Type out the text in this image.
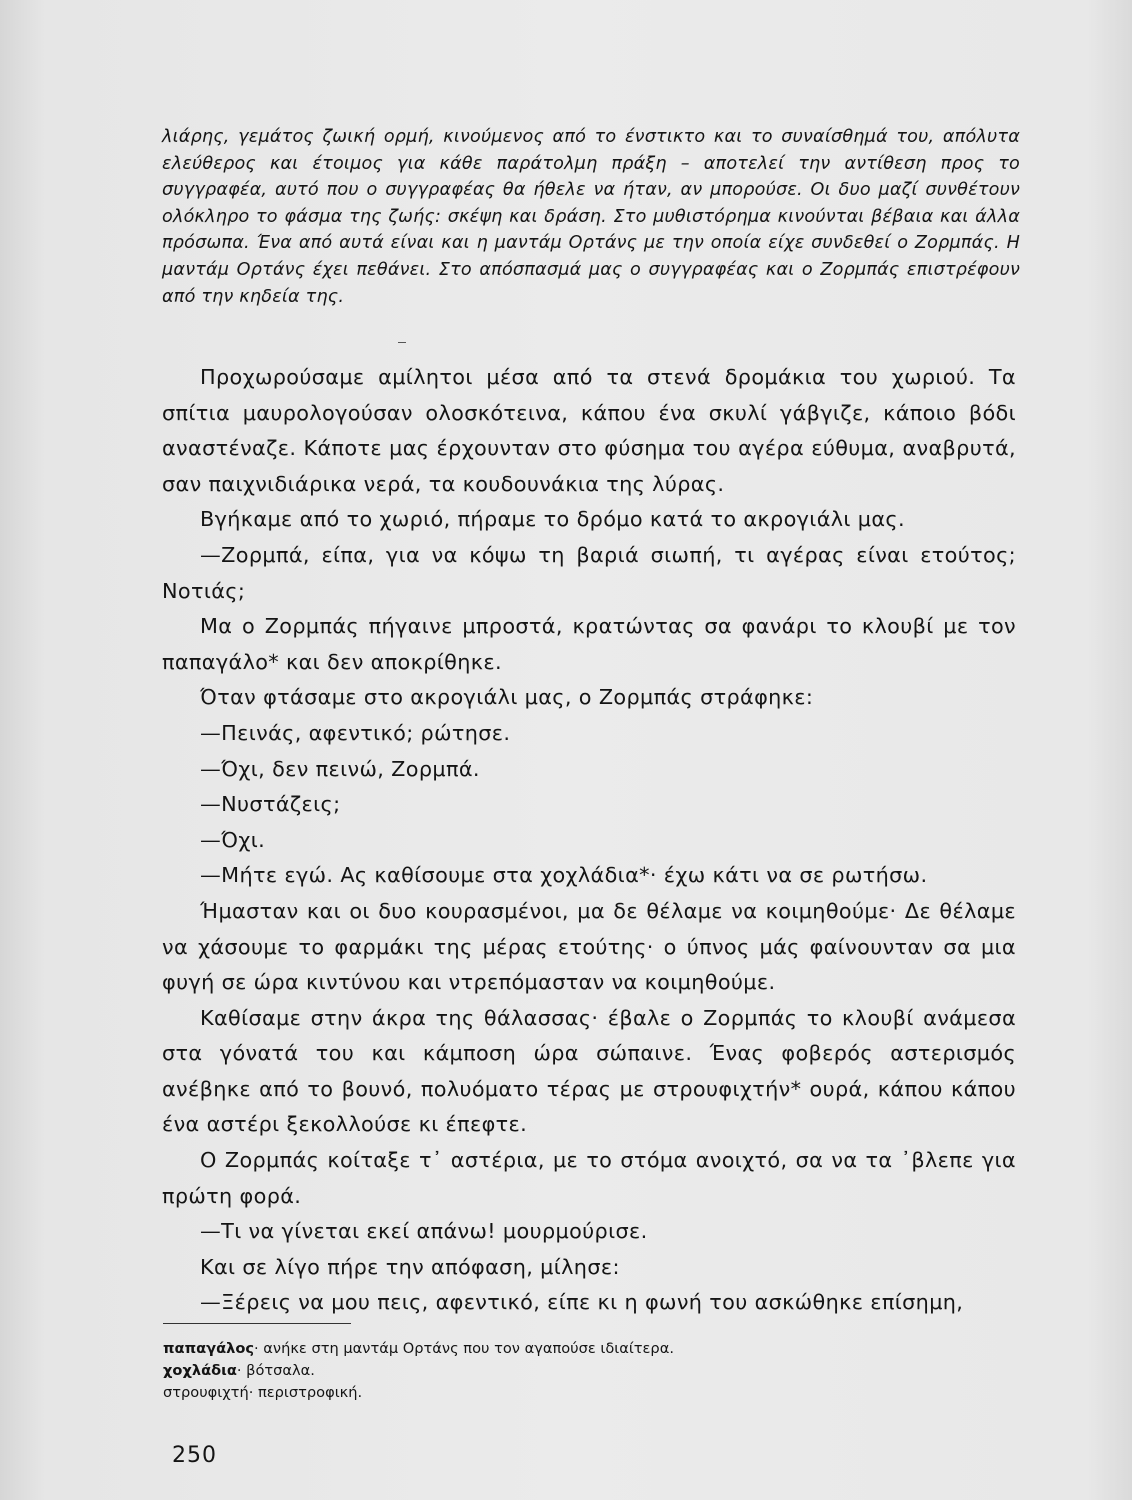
λιάρης, γεμάτος ζωική ορμή, κινούμενος από το ένστικτο και το συναίσθημά του, απόλυτα ελεύθερος και έτοιμος για κάθε παράτολμη πράξη – αποτελεί την αντίθεση προς το συγγραφέα, αυτό που ο συγγραφέας θα ήθελε να ήταν, αν μπορούσε. Οι δυο μαζί συνθέτουν ολόκληρο το φάσμα της ζωής: σκέψη και δράση. Στο μυθιστόρημα κινούνται βέβαια και άλλα πρόσωπα. Ένα από αυτά είναι και η μαντάμ Ορτάνς με την οποία είχε συνδεθεί ο Ζορμπάς. Η μαντάμ Ορτάνς έχει πεθάνει. Στο απόσπασμά μας ο συγγραφέας και ο Ζορμπάς επιστρέφουν από την κηδεία της.

Προχωρούσαμε αμίλητοι μέσα από τα στενά δρομάκια του χωριού. Τα σπίτια μαυρολογούσαν ολοσκότεινα, κάπου ένα σκυλί γάβγιζε, κάποιο βόδι αναστέναζε. Κάποτε μας έρχουνταν στο φύσημα του αγέρα εύθυμα, αναβρυτά, σαν παιχνιδιάρικα νερά, τα κουδουνάκια της λύρας.

Βγήκαμε από το χωριό, πήραμε το δρόμο κατά το ακρογιάλι μας.

—Ζορμπά, είπα, για να κόψω τη βαριά σιωπή, τι αγέρας είναι ετούτος; Νοτιάς;

Μα ο Ζορμπάς πήγαινε μπροστά, κρατώντας σα φανάρι το κλουβί με τον παπαγάλο* και δεν αποκρίθηκε.

Όταν φτάσαμε στο ακρογιάλι μας, ο Ζορμπάς στράφηκε:

—Πεινάς, αφεντικό; ρώτησε.

—Όχι, δεν πεινώ, Ζορμπά.

—Νυστάζεις;

—Όχι.

—Μήτε εγώ. Ας καθίσουμε στα χοχλάδια*· έχω κάτι να σε ρωτήσω.

Ήμασταν και οι δυο κουρασμένοι, μα δε θέλαμε να κοιμηθούμε· Δε θέλαμε να χάσουμε το φαρμάκι της μέρας ετούτης· ο ύπνος μάς φαίνουνταν σα μια φυγή σε ώρα κιντύνου και ντρεπόμασταν να κοιμηθούμε.

Καθίσαμε στην άκρα της θάλασσας· έβαλε ο Ζορμπάς το κλουβί ανάμεσα στα γόνατά του και κάμποση ώρα σώπαινε. Ένας φοβερός αστερισμός ανέβηκε από το βουνό, πολυόματο τέρας με στρουφιχτήν* ουρά, κάπου κάπου ένα αστέρι ξεκολλούσε κι έπεφτε.

Ο Ζορμπάς κοίταξε τ᾿ αστέρια, με το στόμα ανοιχτό, σα να τα ᾿βλεπε για πρώτη φορά.

—Τι να γίνεται εκεί απάνω! μουρμούρισε.

Και σε λίγο πήρε την απόφαση, μίλησε:

—Ξέρεις να μου πεις, αφεντικό, είπε κι η φωνή του ασκώθηκε επίσημη,

παπαγάλος· ανήκε στη μαντάμ Ορτάνς που τον αγαπούσε ιδιαίτερα.

χοχλάδια· βότσαλα.

στρουφιχτή· περιστροφική.

250
